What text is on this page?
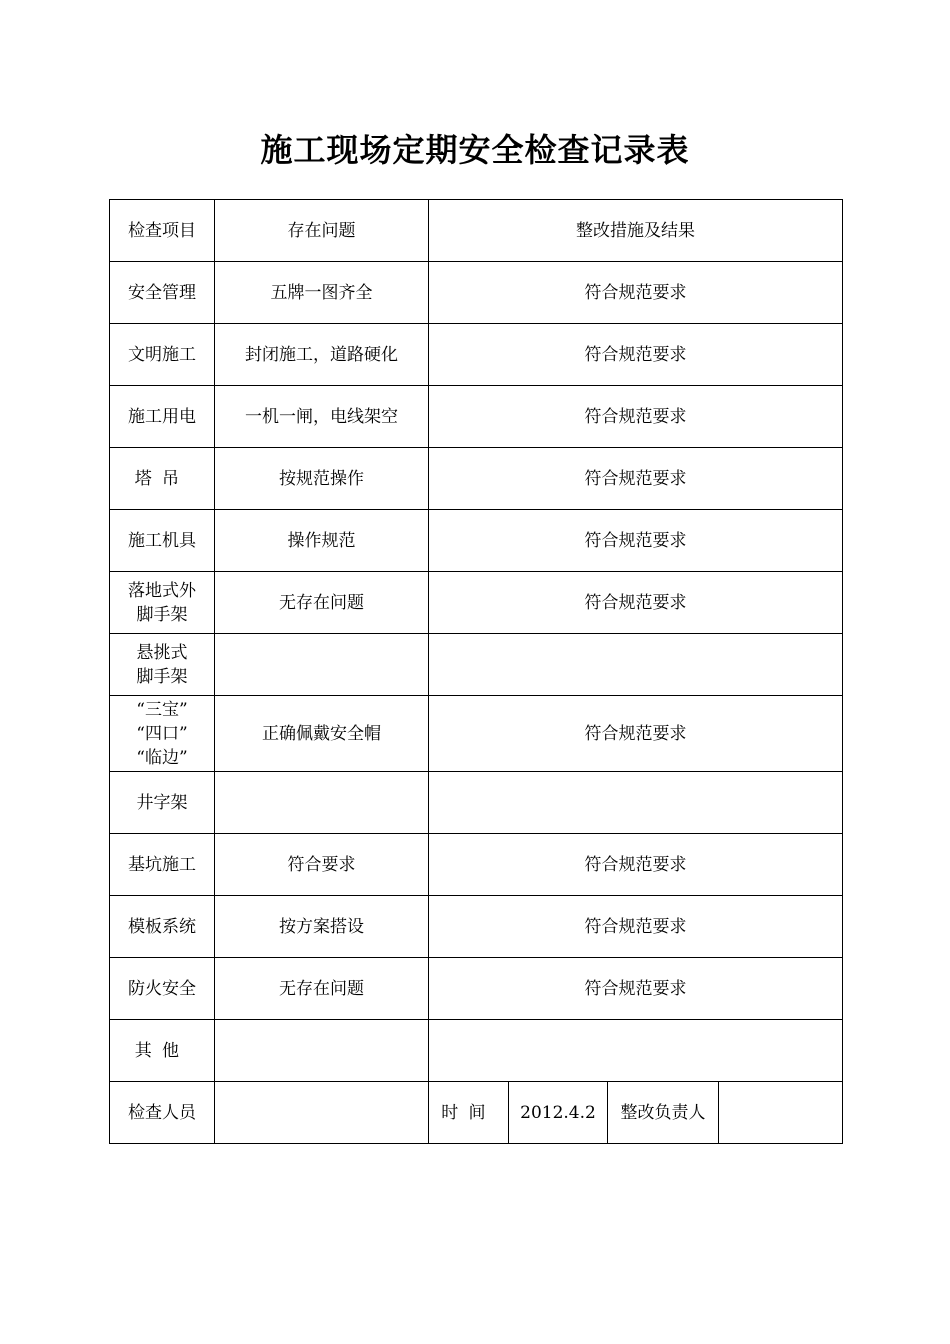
施工现场定期安全检查记录表
检查项目	存在问题	整改措施及结果			
安全管理	五牌一图齐全	符合规范要求			
文明施工	封闭施工，道路硬化	符合规范要求			
施工用电	一机一闸，电线架空	符合规范要求			
塔吊	按规范操作	符合规范要求			
施工机具	操作规范	符合规范要求			

落地式外
脚手架	无存在问题	符合规范要求			

悬挑式
脚手架					

“三宝”
“四口”
“临边”	正确佩戴安全帽	符合规范要求			
井字架					
基坑施工	符合要求	符合规范要求			
模板系统	按方案搭设	符合规范要求			
防火安全	无存在问题	符合规范要求			
其他					
检查人员		时间	2012.4.2	整改负责人	
